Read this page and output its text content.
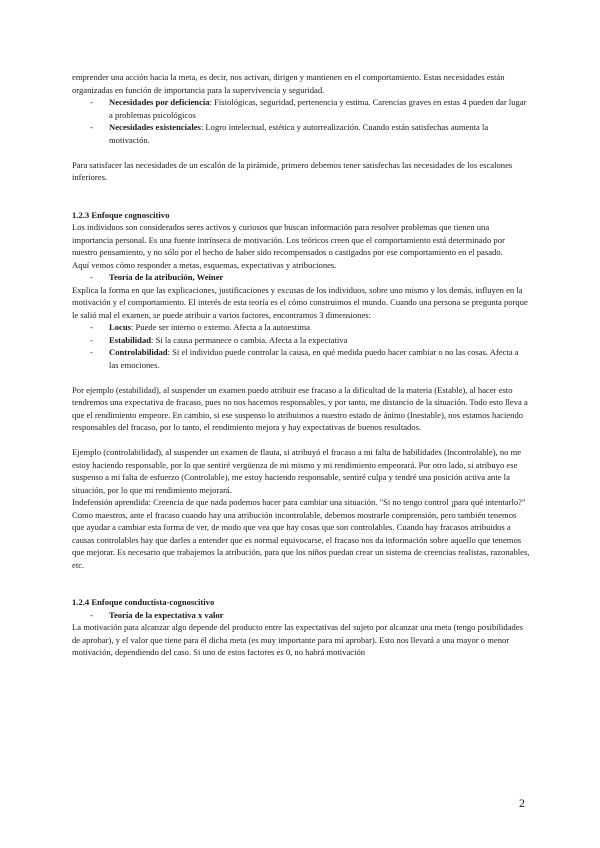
emprender una acción hacia la meta, es decir, nos activan, dirigen y mantienen en el comportamiento. Estas necesidades están organizadas en función de importancia para la supervivencia y seguridad.

- Necesidades por deficiencia: Fisiológicas, seguridad, pertenencia y estima. Carencias graves en estas 4 pueden dar lugar a problemas psicológicos
- Necesidades existenciales: Logro intelectual, estética y autorrealización. Cuando están satisfechas aumenta la motivación.

Para satisfacer las necesidades de un escalón de la pirámide, primero debemos tener satisfechas las necesidades de los escalones inferiores.

1.2.3 Enfoque cognoscitivo

Los individuos son considerados seres activos y curiosos que buscan información para resolver problemas que tienen una importancia personal. Es una fuente intrínseca de motivación. Los teóricos creen que el comportamiento está determinado por nuestro pensamiento, y no sólo por el hecho de haber sido recompensados o castigados por ese comportamiento en el pasado.

Aquí vemos cómo responder a metas, esquemas, expectativas y atribuciones.

- Teoría de la atribución, Weiner

Explica la forma en que las explicaciones, justificaciones y excusas de los individuos, sobre uno mismo y los demás, influyen en la motivación y el comportamiento. El interés de esta teoría es el cómo construimos el mundo. Cuando una persona se pregunta porque le salió mal el examen, se puede atribuir a varios factores, encontramos 3 dimensiones:

- Locus: Puede ser interno o externo. Afecta a la autoestima
- Estabilidad: Si la causa permanece o cambia. Afecta a la expectativa
- Controlabilidad: Si el individuo puede controlar la causa, en qué medida puedo hacer cambiar o no las cosas. Afecta a las emociones.

Por ejemplo (estabilidad), al suspender un examen puedo atribuir ese fracaso a la dificultad de la materia (Estable), al hacer esto tendremos una expectativa de fracaso, pues no nos hacemos responsables, y por tanto, me distancio de la situación. Todo esto lleva a que el rendimiento empeore. En cambio, si ese suspenso lo atribuimos a nuestro estado de ánimo (Inestable), nos estamos haciendo responsables del fracaso, por lo tanto, el rendimiento mejora y hay expectativas de buenos resultados.

Ejemplo (controlabilidad), al suspender un examen de flauta, si atribuyó el fracaso a mi falta de habilidades (Incontrolable), no me estoy haciendo responsable, por lo que sentiré vergüenza de mi mismo y mi rendimiento empeorará. Por otro lado, si atribuyo ese suspenso a mi falta de esfuerzo (Controlable), me estoy haciendo responsable, sentiré culpa y tendré una posición activa ante la situación, por lo que mi rendimiento mejorará.

Indefensión aprendida: Creencia de que nada podemos hacer para cambiar una situación. "Si no tengo control ¡para qué intentarlo?"

Como maestros, ante el fracaso cuando hay una atribución incontrolable, debemos mostrarle comprensión, pero también tenemos que ayudar a cambiar esta forma de ver, de modo que vea que hay cosas que son controlables. Cuando hay fracasos atribuidos a causas controlables hay que darles a entender que es normal equivocarse, el fracaso nos da información sobre aquello que tenemos que mejorar. Es necesario que trabajemos la atribución, para que los niños puedan crear un sistema de creencias realistas, razonables, etc.

1.2.4 Enfoque conductista-cognoscitivo

- Teoría de la expectativa x valor

La motivación para alcanzar algo depende del producto entre las expectativas del sujeto por alcanzar una meta (tengo posibilidades de aprobar), y el valor que tiene para él dicha meta (es muy importante para mí aprobar). Esto nos llevará a una mayor o menor motivación, dependiendo del caso. Si uno de estos factores es 0, no habrá motivación

2
